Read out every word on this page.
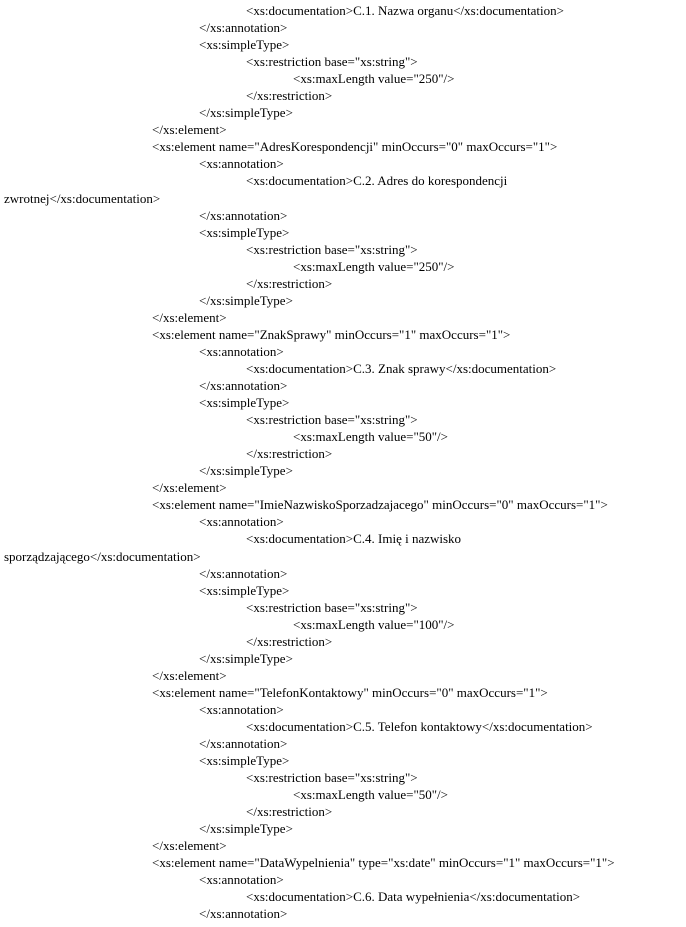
<xs:documentation>C.1. Nazwa organu</xs:documentation>
</xs:annotation>
<xs:simpleType>
<xs:restriction base="xs:string">
<xs:maxLength value="250"/>
</xs:restriction>
</xs:simpleType>
</xs:element>
<xs:element name="AdresKorespondencji" minOccurs="0" maxOccurs="1">
<xs:annotation>
<xs:documentation>C.2. Adres do korespondencji
zwrotnej</xs:documentation>
</xs:annotation>
<xs:simpleType>
<xs:restriction base="xs:string">
<xs:maxLength value="250"/>
</xs:restriction>
</xs:simpleType>
</xs:element>
<xs:element name="ZnakSprawy" minOccurs="1" maxOccurs="1">
<xs:annotation>
<xs:documentation>C.3. Znak sprawy</xs:documentation>
</xs:annotation>
<xs:simpleType>
<xs:restriction base="xs:string">
<xs:maxLength value="50"/>
</xs:restriction>
</xs:simpleType>
</xs:element>
<xs:element name="ImieNazwiskoSporzadzajacego" minOccurs="0" maxOccurs="1">
<xs:annotation>
<xs:documentation>C.4. Imię i nazwisko
sporządzającego</xs:documentation>
</xs:annotation>
<xs:simpleType>
<xs:restriction base="xs:string">
<xs:maxLength value="100"/>
</xs:restriction>
</xs:simpleType>
</xs:element>
<xs:element name="TelefonKontaktowy" minOccurs="0" maxOccurs="1">
<xs:annotation>
<xs:documentation>C.5. Telefon kontaktowy</xs:documentation>
</xs:annotation>
<xs:simpleType>
<xs:restriction base="xs:string">
<xs:maxLength value="50"/>
</xs:restriction>
</xs:simpleType>
</xs:element>
<xs:element name="DataWypelnienia" type="xs:date" minOccurs="1" maxOccurs="1">
<xs:annotation>
<xs:documentation>C.6. Data wypełnienia</xs:documentation>
</xs:annotation>
